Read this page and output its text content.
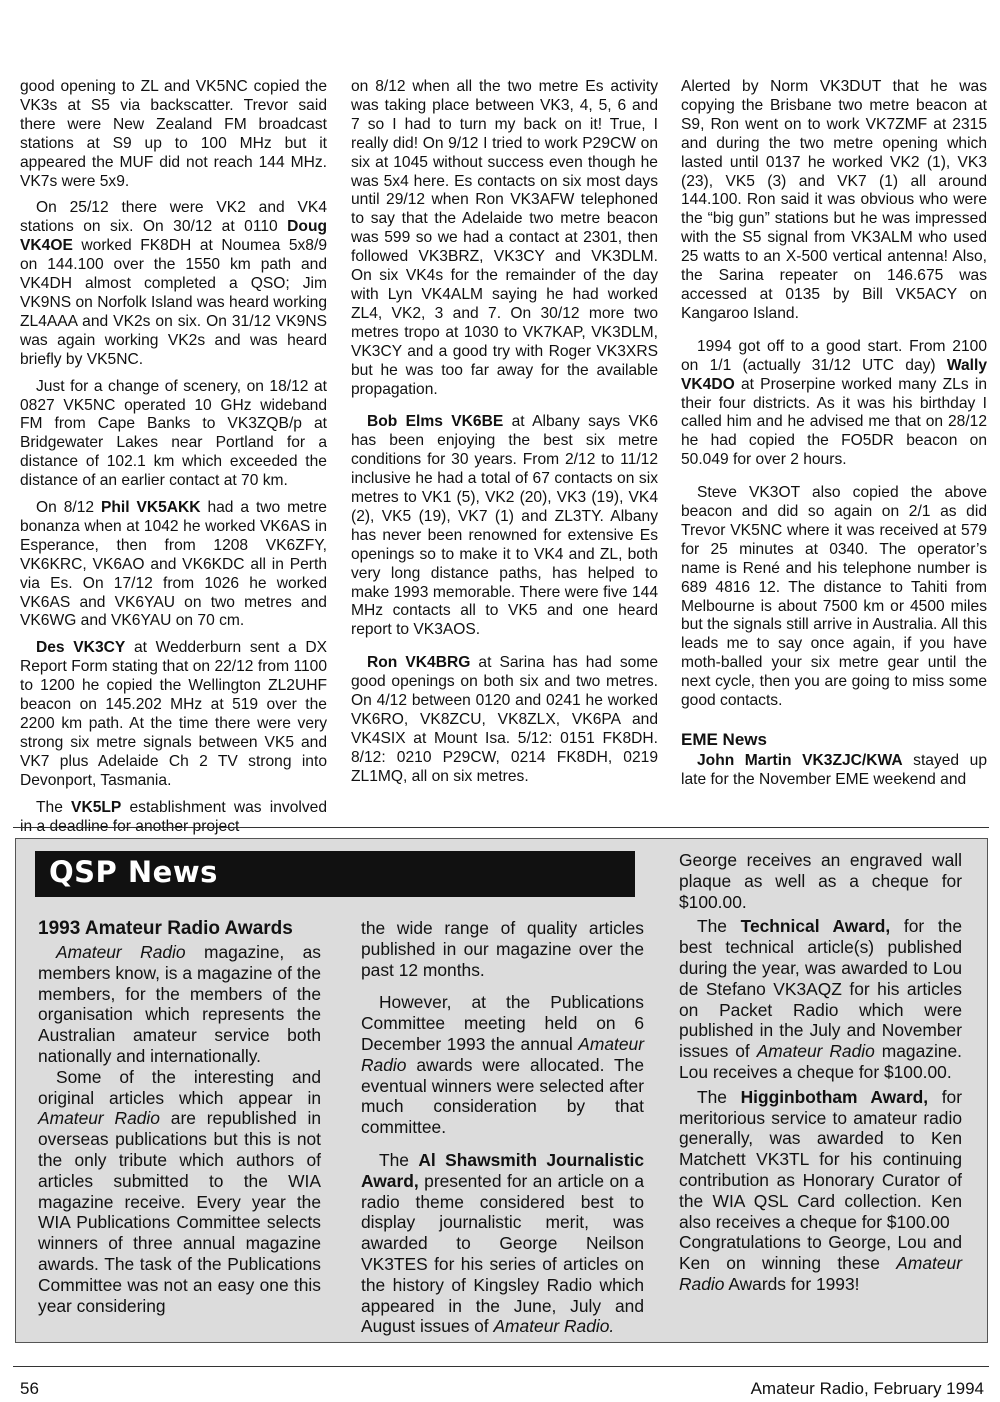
good opening to ZL and VK5NC copied the VK3s at S5 via backscatter. Trevor said there were New Zealand FM broadcast stations at S9 up to 100 MHz but it appeared the MUF did not reach 144 MHz. VK7s were 5x9.

On 25/12 there were VK2 and VK4 stations on six. On 30/12 at 0110 Doug VK4OE worked FK8DH at Noumea 5x8/9 on 144.100 over the 1550 km path and VK4DH almost completed a QSO; Jim VK9NS on Norfolk Island was heard working ZL4AAA and VK2s on six. On 31/12 VK9NS was again working VK2s and was heard briefly by VK5NC.

Just for a change of scenery, on 18/12 at 0827 VK5NC operated 10 GHz wideband FM from Cape Banks to VK3ZQB/p at Bridgewater Lakes near Portland for a distance of 102.1 km which exceeded the distance of an earlier contact at 70 km.

On 8/12 Phil VK5AKK had a two metre bonanza when at 1042 he worked VK6AS in Esperance, then from 1208 VK6ZFY, VK6KRC, VK6AO and VK6KDC all in Perth via Es. On 17/12 from 1026 he worked VK6AS and VK6YAU on two metres and VK6WG and VK6YAU on 70 cm.

Des VK3CY at Wedderburn sent a DX Report Form stating that on 22/12 from 1100 to 1200 he copied the Wellington ZL2UHF beacon on 145.202 MHz at 519 over the 2200 km path. At the time there were very strong six metre signals between VK5 and VK7 plus Adelaide Ch 2 TV strong into Devonport, Tasmania.

The VK5LP establishment was involved in a deadline for another project

on 8/12 when all the two metre Es activity was taking place between VK3, 4, 5, 6 and 7 so I had to turn my back on it! True, I really did! On 9/12 I tried to work P29CW on six at 1045 without success even though he was 5x4 here. Es contacts on six most days until 29/12 when Ron VK3AFW telephoned to say that the Adelaide two metre beacon was 599 so we had a contact at 2301, then followed VK3BRZ, VK3CY and VK3DLM. On six VK4s for the remainder of the day with Lyn VK4ALM saying he had worked ZL4, VK2, 3 and 7. On 30/12 more two metres tropo at 1030 to VK7KAP, VK3DLM, VK3CY and a good try with Roger VK3XRS but he was too far away for the available propagation.

Bob Elms VK6BE at Albany says VK6 has been enjoying the best six metre conditions for 30 years. From 2/12 to 11/12 inclusive he had a total of 67 contacts on six metres to VK1 (5), VK2 (20), VK3 (19), VK4 (2), VK5 (19), VK7 (1) and ZL3TY. Albany has never been renowned for extensive Es openings so to make it to VK4 and ZL, both very long distance paths, has helped to make 1993 memorable. There were five 144 MHz contacts all to VK5 and one heard report to VK3AOS.

Ron VK4BRG at Sarina has had some good openings on both six and two metres. On 4/12 between 0120 and 0241 he worked VK6RO, VK8ZCU, VK8ZLX, VK6PA and VK4SIX at Mount Isa. 5/12: 0151 FK8DH. 8/12: 0210 P29CW, 0214 FK8DH, 0219 ZL1MQ, all on six metres.

Alerted by Norm VK3DUT that he was copying the Brisbane two metre beacon at S9, Ron went on to work VK7ZMF at 2315 and during the two metre opening which lasted until 0137 he worked VK2 (1), VK3 (23), VK5 (3) and VK7 (1) all around 144.100. Ron said it was obvious who were the “big gun” stations but he was impressed with the S5 signal from VK3ALM who used 25 watts to an X-500 vertical antenna! Also, the Sarina repeater on 146.675 was accessed at 0135 by Bill VK5ACY on Kangaroo Island.

1994 got off to a good start. From 2100 on 1/1 (actually 31/12 UTC day) Wally VK4DO at Proserpine worked many ZLs in their four districts. As it was his birthday I called him and he advised me that on 28/12 he had copied the FO5DR beacon on 50.049 for over 2 hours.

Steve VK3OT also copied the above beacon and did so again on 2/1 as did Trevor VK5NC where it was received at 579 for 25 minutes at 0340. The operator’s name is René and his telephone number is 689 4816 12. The distance to Tahiti from Melbourne is about 7500 km or 4500 miles but the signals still arrive in Australia. All this leads me to say once again, if you have moth-balled your six metre gear until the next cycle, then you are going to miss some good contacts.

EME News

John Martin VK3ZJC/KWA stayed up late for the November EME weekend and

QSP News
1993 Amateur Radio Awards

Amateur Radio magazine, as members know, is a magazine of the members, for the members of the organisation which represents the Australian amateur service both nationally and internationally.

Some of the interesting and original articles which appear in Amateur Radio are republished in overseas publications but this is not the only tribute which authors of articles submitted to the WIA magazine receive. Every year the WIA Publications Committee selects winners of three annual magazine awards. The task of the Publications Committee was not an easy one this year considering

the wide range of quality articles published in our magazine over the past 12 months.

However, at the Publications Committee meeting held on 6 December 1993 the annual Amateur Radio awards were allocated. The eventual winners were selected after much consideration by that committee.

The Al Shawsmith Journalistic Award, presented for an article on a radio theme considered best to display journalistic merit, was awarded to George Neilson VK3TES for his series of articles on the history of Kingsley Radio which appeared in the June, July and August issues of Amateur Radio.

George receives an engraved wall plaque as well as a cheque for $100.00.

The Technical Award, for the best technical article(s) published during the year, was awarded to Lou de Stefano VK3AQZ for his articles on Packet Radio which were published in the July and November issues of Amateur Radio magazine. Lou receives a cheque for $100.00.

The Higginbotham Award, for meritorious service to amateur radio generally, was awarded to Ken Matchett VK3TL for his continuing contribution as Honorary Curator of the WIA QSL Card collection. Ken also receives a cheque for $100.00

Congratulations to George, Lou and Ken on winning these Amateur Radio Awards for 1993!

56	Amateur Radio, February 1994
